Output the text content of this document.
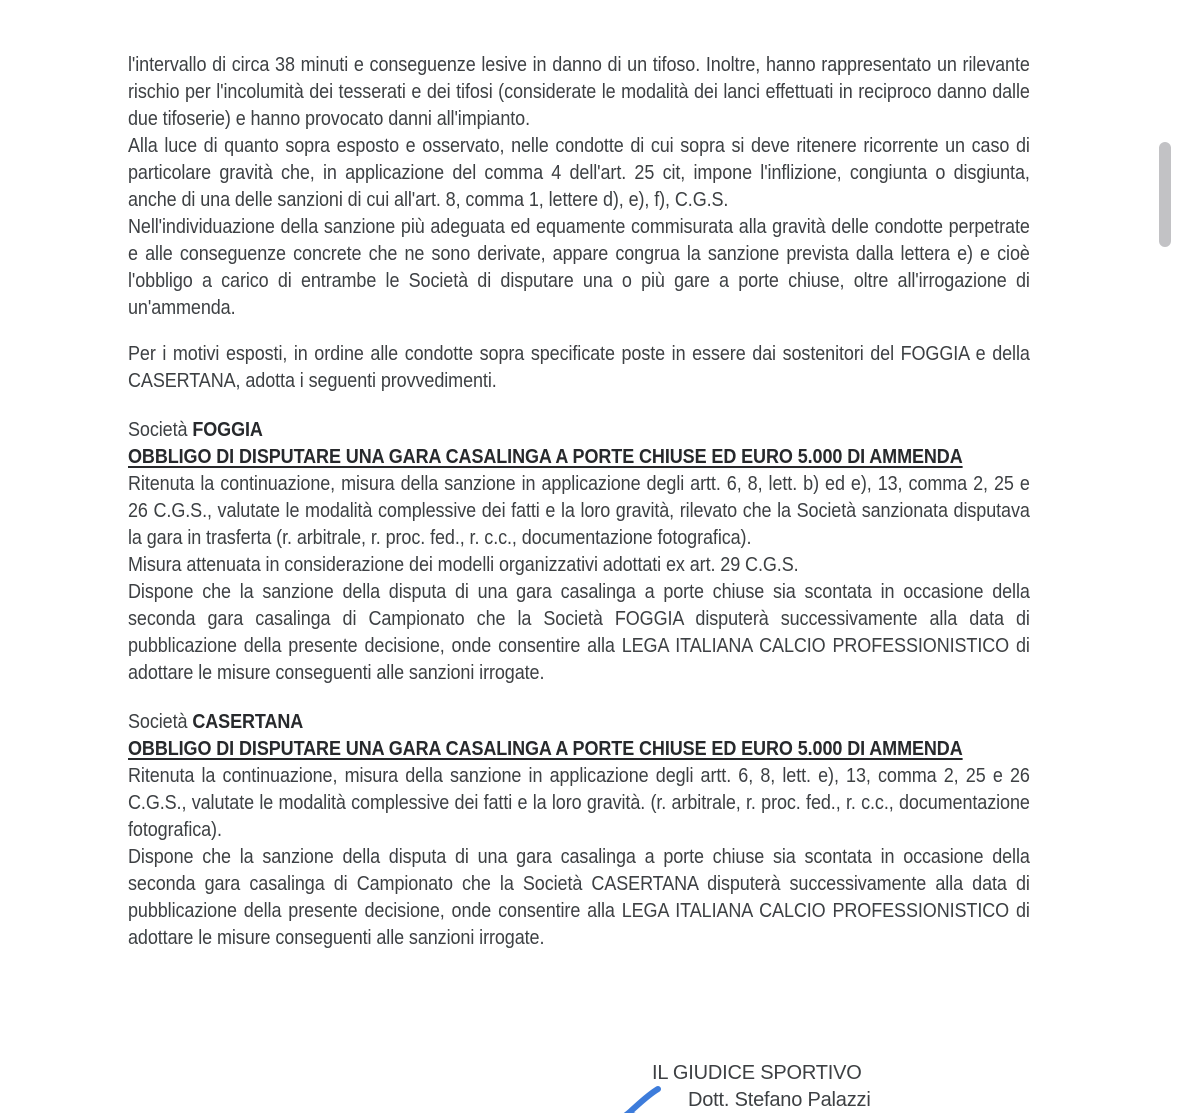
l'intervallo di circa 38 minuti e conseguenze lesive in danno di un tifoso. Inoltre, hanno rappresentato un rilevante rischio per l'incolumità dei tesserati e dei tifosi (considerate le modalità dei lanci effettuati in reciproco danno dalle due tifoserie) e hanno provocato danni all'impianto.

Alla luce di quanto sopra esposto e osservato, nelle condotte di cui sopra si deve ritenere ricorrente un caso di particolare gravità che, in applicazione del comma 4 dell'art. 25 cit, impone l'inflizione, congiunta o disgiunta, anche di una delle sanzioni di cui all'art. 8, comma 1, lettere d), e), f), C.G.S.

Nell'individuazione della sanzione più adeguata ed equamente commisurata alla gravità delle condotte perpetrate e alle conseguenze concrete che ne sono derivate, appare congrua la sanzione prevista dalla lettera e) e cioè l'obbligo a carico di entrambe le Società di disputare una o più gare a porte chiuse, oltre all'irrogazione di un'ammenda.

Per i motivi esposti, in ordine alle condotte sopra specificate poste in essere dai sostenitori del FOGGIA e della CASERTANA, adotta i seguenti provvedimenti.

Società FOGGIA

OBBLIGO DI DISPUTARE UNA GARA CASALINGA A PORTE CHIUSE ED EURO 5.000 DI AMMENDA

Ritenuta la continuazione, misura della sanzione in applicazione degli artt. 6, 8, lett. b) ed e), 13, comma 2, 25 e 26 C.G.S., valutate le modalità complessive dei fatti e la loro gravità, rilevato che la Società sanzionata disputava la gara in trasferta (r. arbitrale, r. proc. fed., r. c.c., documentazione fotografica).

Misura attenuata in considerazione dei modelli organizzativi adottati ex art. 29 C.G.S.

Dispone che la sanzione della disputa di una gara casalinga a porte chiuse sia scontata in occasione della seconda gara casalinga di Campionato che la Società FOGGIA disputerà successivamente alla data di pubblicazione della presente decisione, onde consentire alla LEGA ITALIANA CALCIO PROFESSIONISTICO di adottare le misure conseguenti alle sanzioni irrogate.

Società CASERTANA

OBBLIGO DI DISPUTARE UNA GARA CASALINGA A PORTE CHIUSE ED EURO 5.000 DI AMMENDA

Ritenuta la continuazione, misura della sanzione in applicazione degli artt. 6, 8, lett. e), 13, comma 2, 25 e 26 C.G.S., valutate le modalità complessive dei fatti e la loro gravità. (r. arbitrale, r. proc. fed., r. c.c., documentazione fotografica).

Dispone che la sanzione della disputa di una gara casalinga a porte chiuse sia scontata in occasione della seconda gara casalinga di Campionato che la Società CASERTANA disputerà successivamente alla data di pubblicazione della presente decisione, onde consentire alla LEGA ITALIANA CALCIO PROFESSIONISTICO di adottare le misure conseguenti alle sanzioni irrogate.

IL GIUDICE SPORTIVO
Dott. Stefano Palazzi
